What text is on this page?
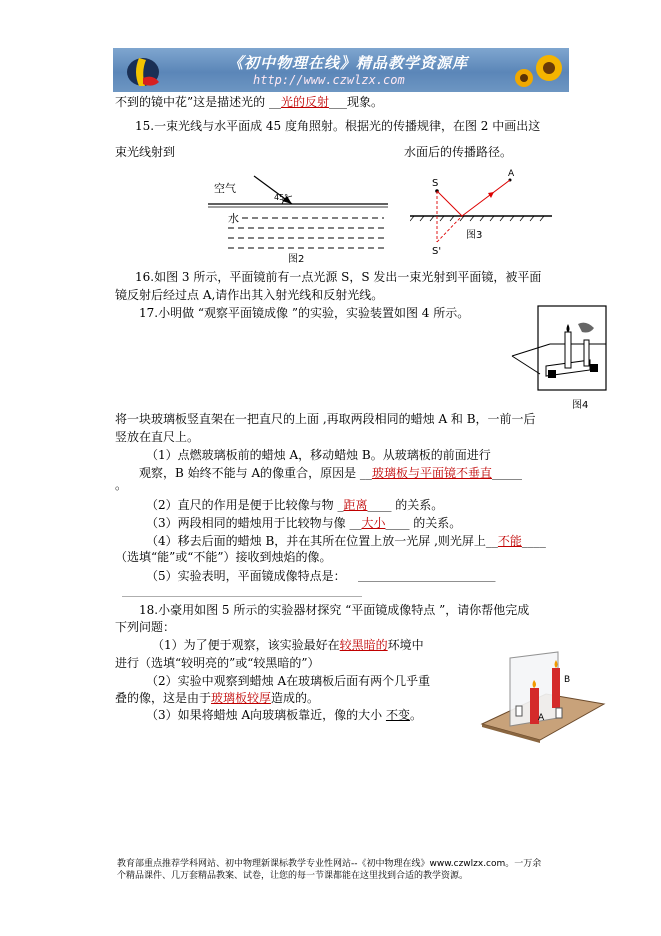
《初中物理在线》精品教学资源库
http://www.czwlzx.com
不到的镜中花”这是描述光的 __光的反射___现象。
15.一束光线与水平面成 45 度角照射。根据光的传播规律，在图 2 中画出这
束光线射到	水面后的传播路径。
空气
45°
水
图2
S
A
S'
图3
16.如图 3 所示，平面镜前有一点光源 S，S 发出一束光射到平面镜，被平面
镜反射后经过点 A,请作出其入射光线和反射光线。
17.小明做 “观察平面镜成像 ”的实验，实验装置如图 4 所示。
图4
将一块玻璃板竖直架在一把直尺的上面 ,再取两段相同的蜡烛 A 和 B，一前一后
竖放在直尺上。
（1）点燃玻璃板前的蜡烛 A，移动蜡烛 B。从玻璃板的前面进行
观察，B 始终不能与 A的像重合，原因是 __玻璃板与平面镜不垂直_____
。
（2）直尺的作用是便于比较像与物 _距离____ 的关系。
（3）两段相同的蜡烛用于比较物与像 __大小____ 的关系。
（4）移去后面的蜡烛 B，并在其所在位置上放一光屏 ,则光屏上__不能____
（选填“能”或“不能”）接收到烛焰的像。
（5）实验表明，平面镜成像特点是： _________________________
____________________________________________________________
18.小豪用如图 5 所示的实验器材探究 “平面镜成像特点 ”，请你帮他完成
下列问题：
（1）为了便于观察，该实验最好在较黑暗的环境中
进行（选填“较明亮的”或“较黑暗的”）
（2）实验中观察到蜡烛 A在玻璃板后面有两个几乎重
叠的像，这是由于玻璃板较厚造成的。
（3）如果将蜡烛 A向玻璃板靠近，像的大小 不变。
B
A
教育部重点推荐学科网站、初中物理新课标教学专业性网站--《初中物理在线》www.czwlzx.com。一万余
个精品课件、几万套精品教案、试卷，让您的每一节课都能在这里找到合适的教学资源。
